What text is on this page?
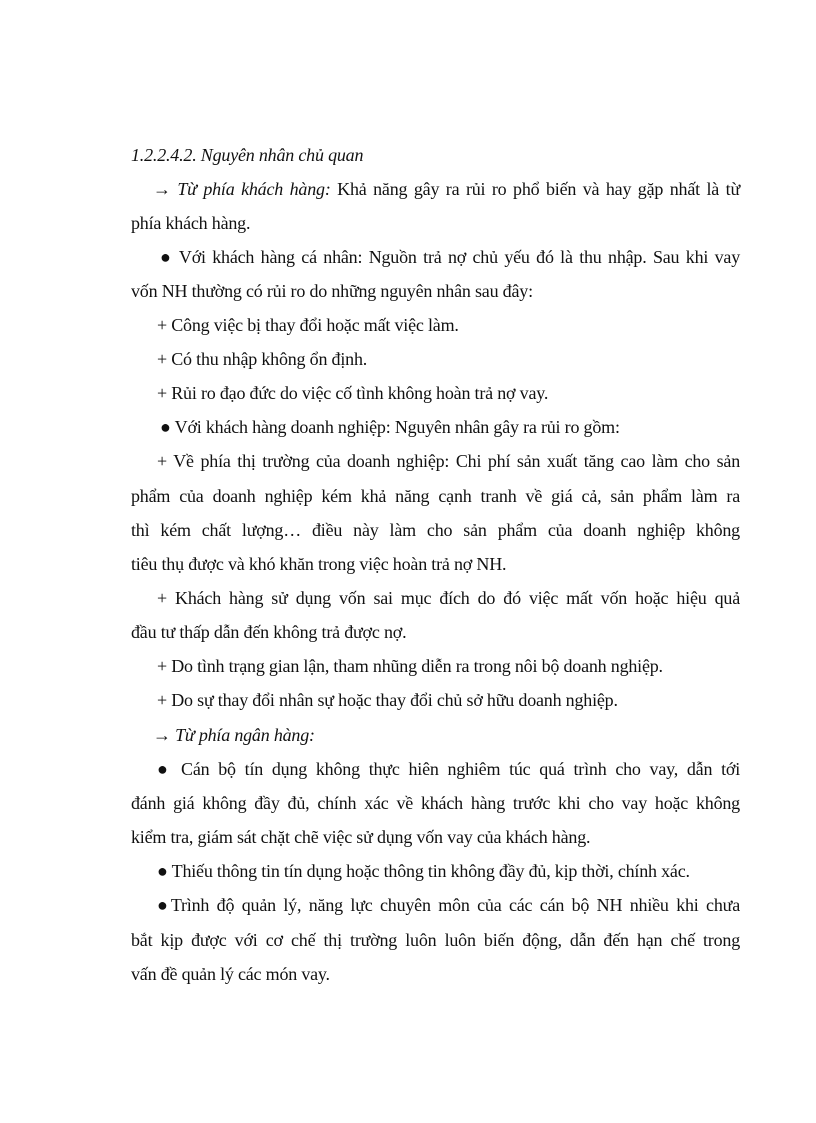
1.2.2.4.2. Nguyên nhân chủ quan
→ Từ phía khách hàng: Khả năng gây ra rủi ro phổ biến và hay gặp nhất là từ
phía khách hàng.
● Với khách hàng cá nhân: Nguồn trả nợ chủ yếu đó là thu nhập. Sau khi vay
vốn NH thường có rủi ro do những nguyên nhân sau đây:
+ Công việc bị thay đổi hoặc mất việc làm.
+ Có thu nhập không ổn định.
+ Rủi ro đạo đức do việc cố tình không hoàn trả nợ vay.
● Với khách hàng doanh nghiệp: Nguyên nhân gây ra rủi ro gồm:
+ Về phía thị trường của doanh nghiệp: Chi phí sản xuất tăng cao làm cho sản
phẩm của doanh nghiệp kém khả năng cạnh tranh về giá cả, sản phẩm làm ra
thì kém chất lượng… điều này làm cho sản phẩm của doanh nghiệp không
tiêu thụ được và khó khăn trong việc hoàn trả nợ NH.
+ Khách hàng sử dụng vốn sai mục đích do đó việc mất vốn hoặc hiệu quả
đầu tư thấp dẫn đến không trả được nợ.
+ Do tình trạng gian lận, tham nhũng diễn ra trong nôi bộ doanh nghiệp.
+ Do sự thay đổi nhân sự hoặc thay đổi chủ sở hữu doanh nghiệp.
→ Từ phía ngân hàng:
● Cán bộ tín dụng không thực hiên nghiêm túc quá trình cho vay, dẫn tới
đánh giá không đầy đủ, chính xác về khách hàng trước khi cho vay hoặc không
kiểm tra, giám sát chặt chẽ việc sử dụng vốn vay của khách hàng.
● Thiếu thông tin tín dụng hoặc thông tin không đầy đủ, kịp thời, chính xác.
●Trình độ quản lý, năng lực chuyên môn của các cán bộ NH nhiều khi chưa
bắt kịp được với cơ chế thị trường luôn luôn biến động, dẫn đến hạn chế trong
vấn đề quản lý các món vay.
